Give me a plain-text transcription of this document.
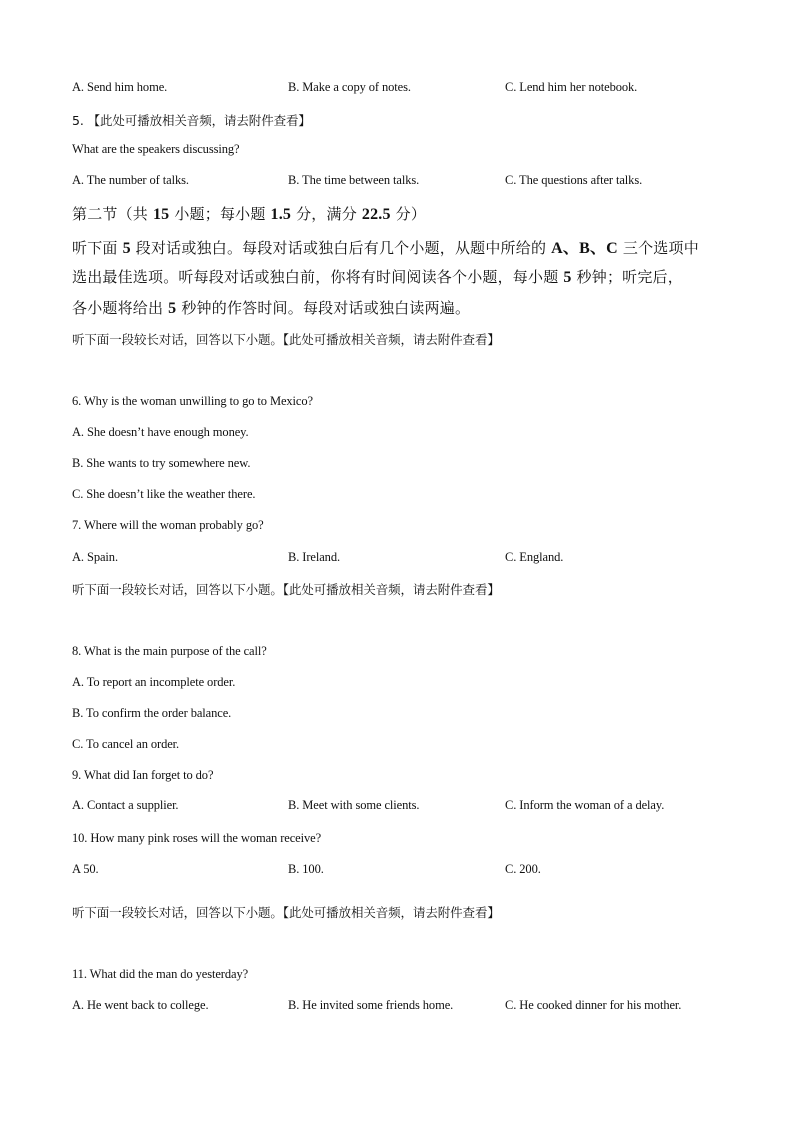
A. Send him home.	B. Make a copy of notes.	C. Lend him her notebook.
5. 【此处可播放相关音频，请去附件查看】
What are the speakers discussing?
A. The number of talks.	B. The time between talks.	C. The questions after talks.
第二节（共 15 小题；每小题 1.5 分，满分 22.5 分）
听下面 5 段对话或独白。每段对话或独白后有几个小题，从题中所给的 A、B、C 三个选项中
选出最佳选项。听每段对话或独白前，你将有时间阅读各个小题，每小题 5 秒钟；听完后，
各小题将给出 5 秒钟的作答时间。每段对话或独白读两遍。
听下面一段较长对话，回答以下小题。【此处可播放相关音频，请去附件查看】
6. Why is the woman unwilling to go to Mexico?
A. She doesn’t have enough money.
B. She wants to try somewhere new.
C. She doesn’t like the weather there.
7. Where will the woman probably go?
A. Spain.	B. Ireland.	C. England.
听下面一段较长对话，回答以下小题。【此处可播放相关音频，请去附件查看】
8. What is the main purpose of the call?
A. To report an incomplete order.
B. To confirm the order balance.
C. To cancel an order.
9. What did Ian forget to do?
A. Contact a supplier.	B. Meet with some clients.	C. Inform the woman of a delay.
10. How many pink roses will the woman receive?
A 50.	B. 100.	C. 200.
听下面一段较长对话，回答以下小题。【此处可播放相关音频，请去附件查看】
11. What did the man do yesterday?
A. He went back to college.	B. He invited some friends home.	C. He cooked dinner for his mother.
